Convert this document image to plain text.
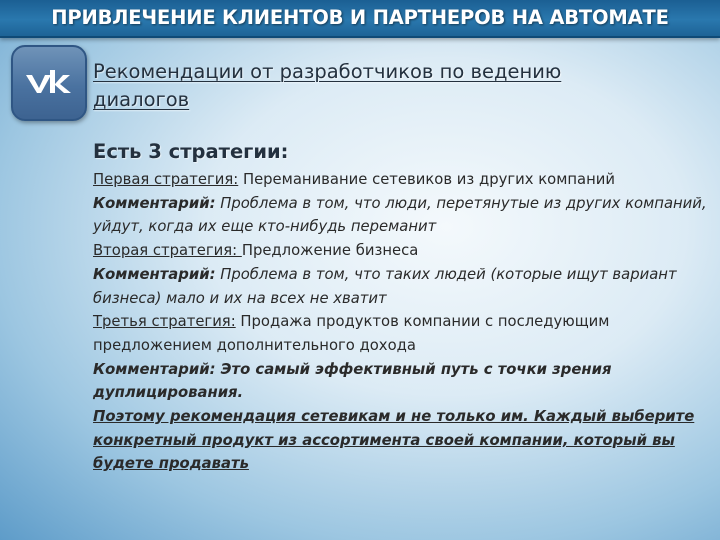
ПРИВЛЕЧЕНИЕ КЛИЕНТОВ И ПАРТНЕРОВ НА АВТОМАТЕ
Рекомендации от разработчиков по ведению
диалогов
Есть 3 стратегии:

Первая стратегия: Переманивание сетевиков из других компаний

Комментарий: Проблема в том, что люди, перетянутые из других компаний, уйдут, когда их еще кто-нибудь переманит

Вторая стратегия: Предложение бизнеса

Комментарий: Проблема в том, что таких людей (которые ищут вариант бизнеса) мало и их на всех не хватит

Третья стратегия: Продажа продуктов компании с последующим предложением дополнительного дохода

Комментарий: Это самый эффективный путь с точки зрения дуплицирования.

Поэтому рекомендация сетевикам и не только им. Каждый выберите конкретный продукт из ассортимента своей компании, который вы будете продавать
